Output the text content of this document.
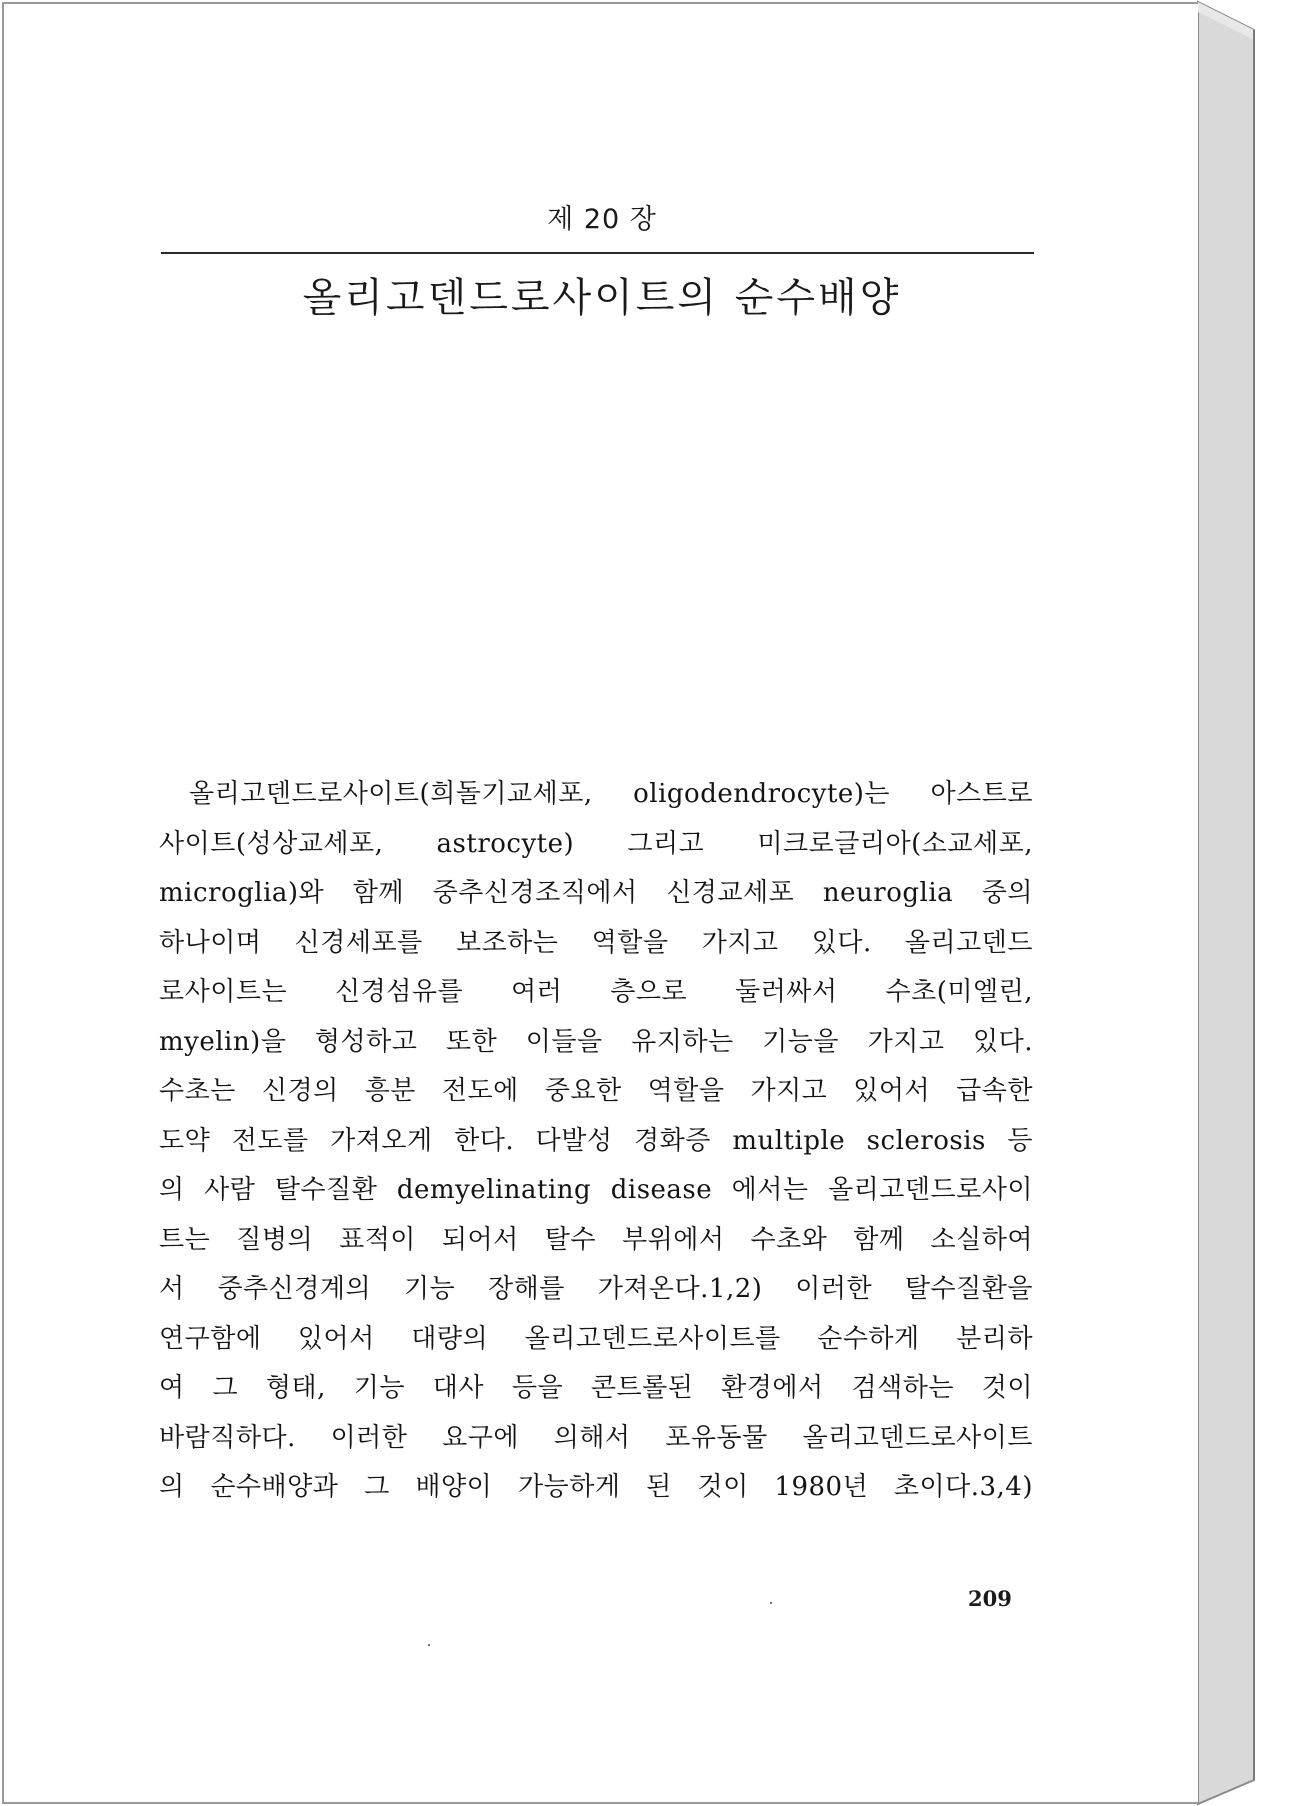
제 20 장
올리고덴드로사이트의 순수배양
올리고덴드로사이트(희돌기교세포, oligodendrocyte)는 아스트로
사이트(성상교세포, astrocyte) 그리고 미크로글리아(소교세포,
microglia)와 함께 중추신경조직에서 신경교세포 neuroglia 중의
하나이며 신경세포를 보조하는 역할을 가지고 있다. 올리고덴드
로사이트는 신경섬유를 여러 층으로 둘러싸서 수초(미엘린,
myelin)을 형성하고 또한 이들을 유지하는 기능을 가지고 있다.
수초는 신경의 흥분 전도에 중요한 역할을 가지고 있어서 급속한
도약 전도를 가져오게 한다. 다발성 경화증 multiple sclerosis 등
의 사람 탈수질환 demyelinating disease 에서는 올리고덴드로사이
트는 질병의 표적이 되어서 탈수 부위에서 수초와 함께 소실하여
서 중추신경계의 기능 장해를 가져온다.1,2) 이러한 탈수질환을
연구함에 있어서 대량의 올리고덴드로사이트를 순수하게 분리하
여 그 형태, 기능 대사 등을 콘트롤된 환경에서 검색하는 것이
바람직하다. 이러한 요구에 의해서 포유동물 올리고덴드로사이트
의 순수배양과 그 배양이 가능하게 된 것이 1980년 초이다.3,4)
209
